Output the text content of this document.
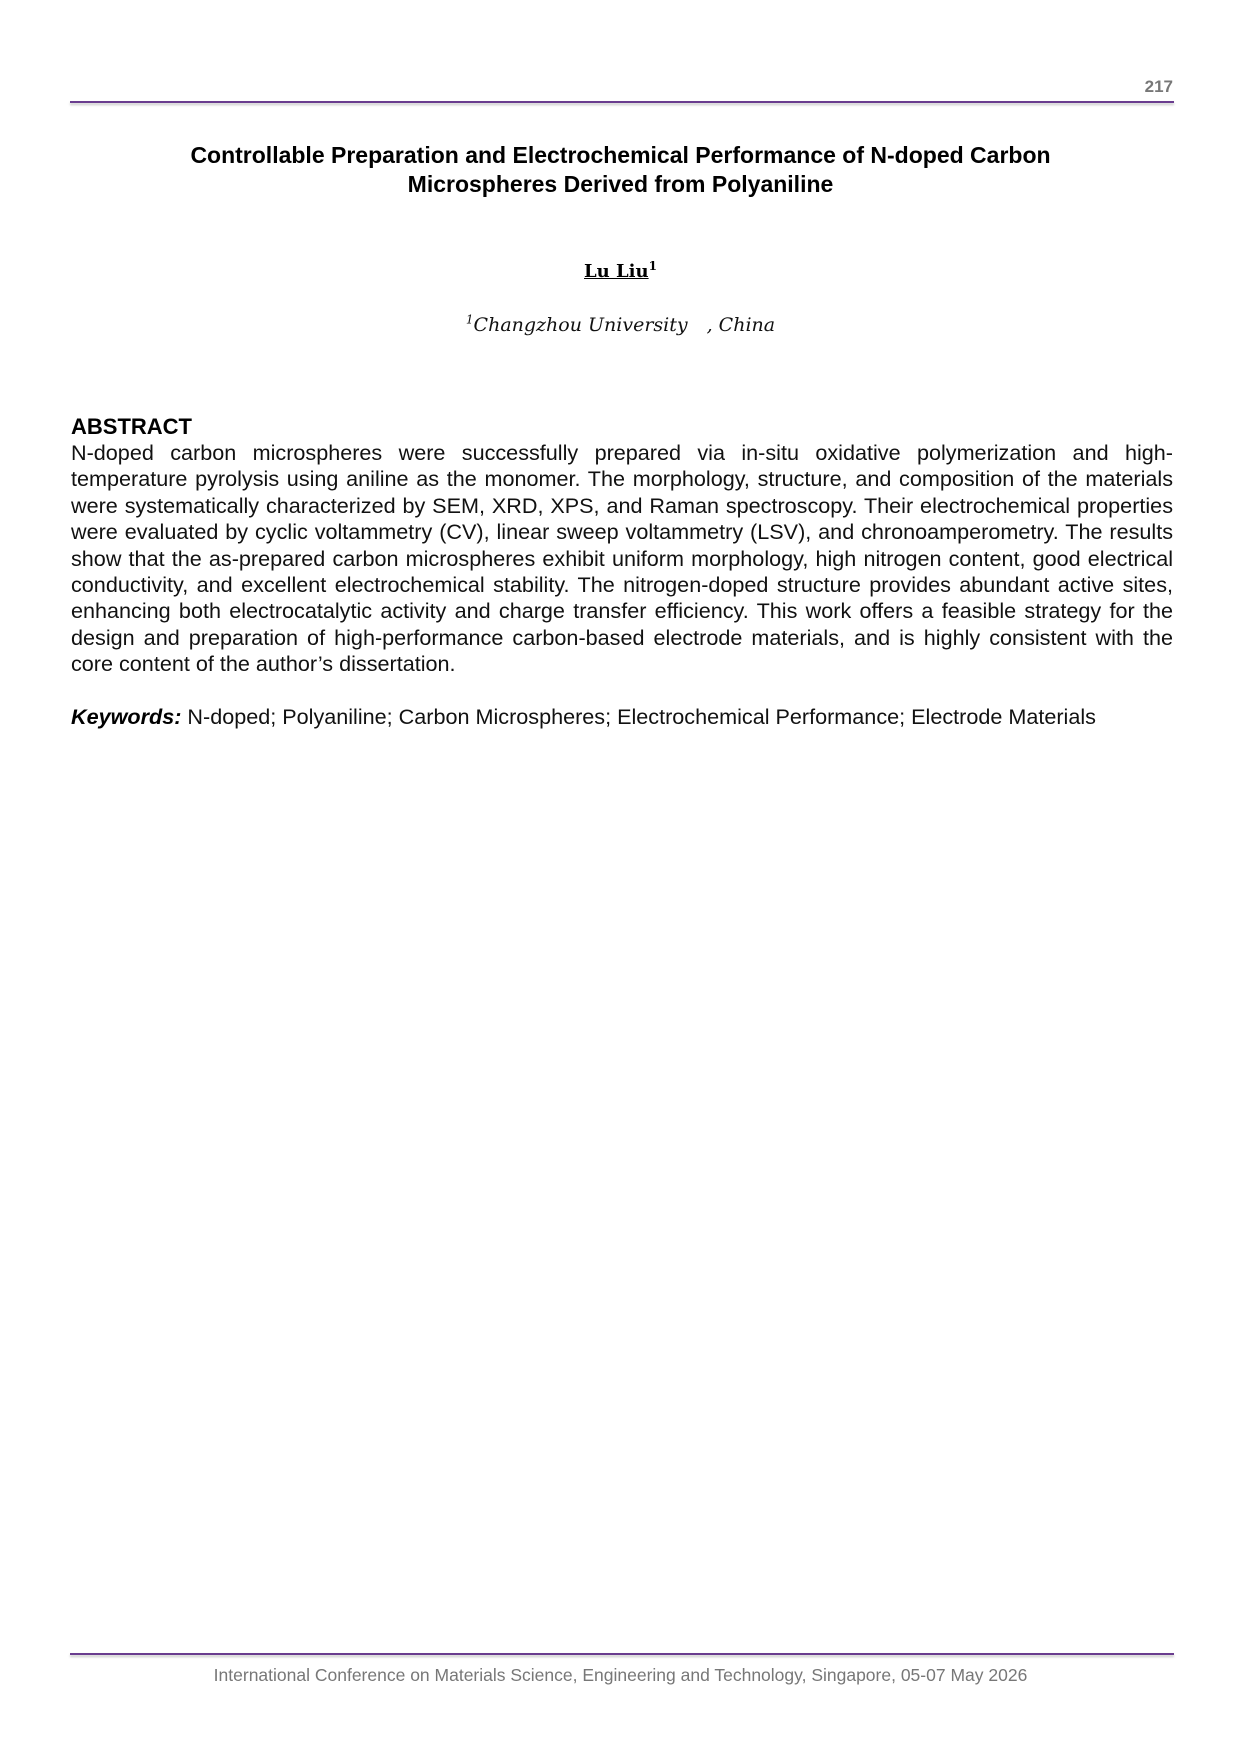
217
Controllable Preparation and Electrochemical Performance of N-doped Carbon
Microspheres Derived from Polyaniline
Lu Liu$^1$
$^1$Changzhou University　, China
ABSTRACT
N-doped carbon microspheres were successfully prepared via in-situ oxidative polymerization and high-temperature pyrolysis using aniline as the monomer. The morphology, structure, and composition of the materials were systematically characterized by SEM, XRD, XPS, and Raman spectroscopy. Their electrochemical properties were evaluated by cyclic voltammetry (CV), linear sweep voltammetry (LSV), and chronoamperometry. The results show that the as-prepared carbon microspheres exhibit uniform morphology, high nitrogen content, good electrical conductivity, and excellent electrochemical stability. The nitrogen-doped structure provides abundant active sites, enhancing both electrocatalytic activity and charge transfer efficiency. This work offers a feasible strategy for the design and preparation of high-performance carbon-based electrode materials, and is highly consistent with the core content of the author’s dissertation.
Keywords: N-doped; Polyaniline; Carbon Microspheres; Electrochemical Performance; Electrode Materials
International Conference on Materials Science, Engineering and Technology, Singapore, 05-07 May 2026
